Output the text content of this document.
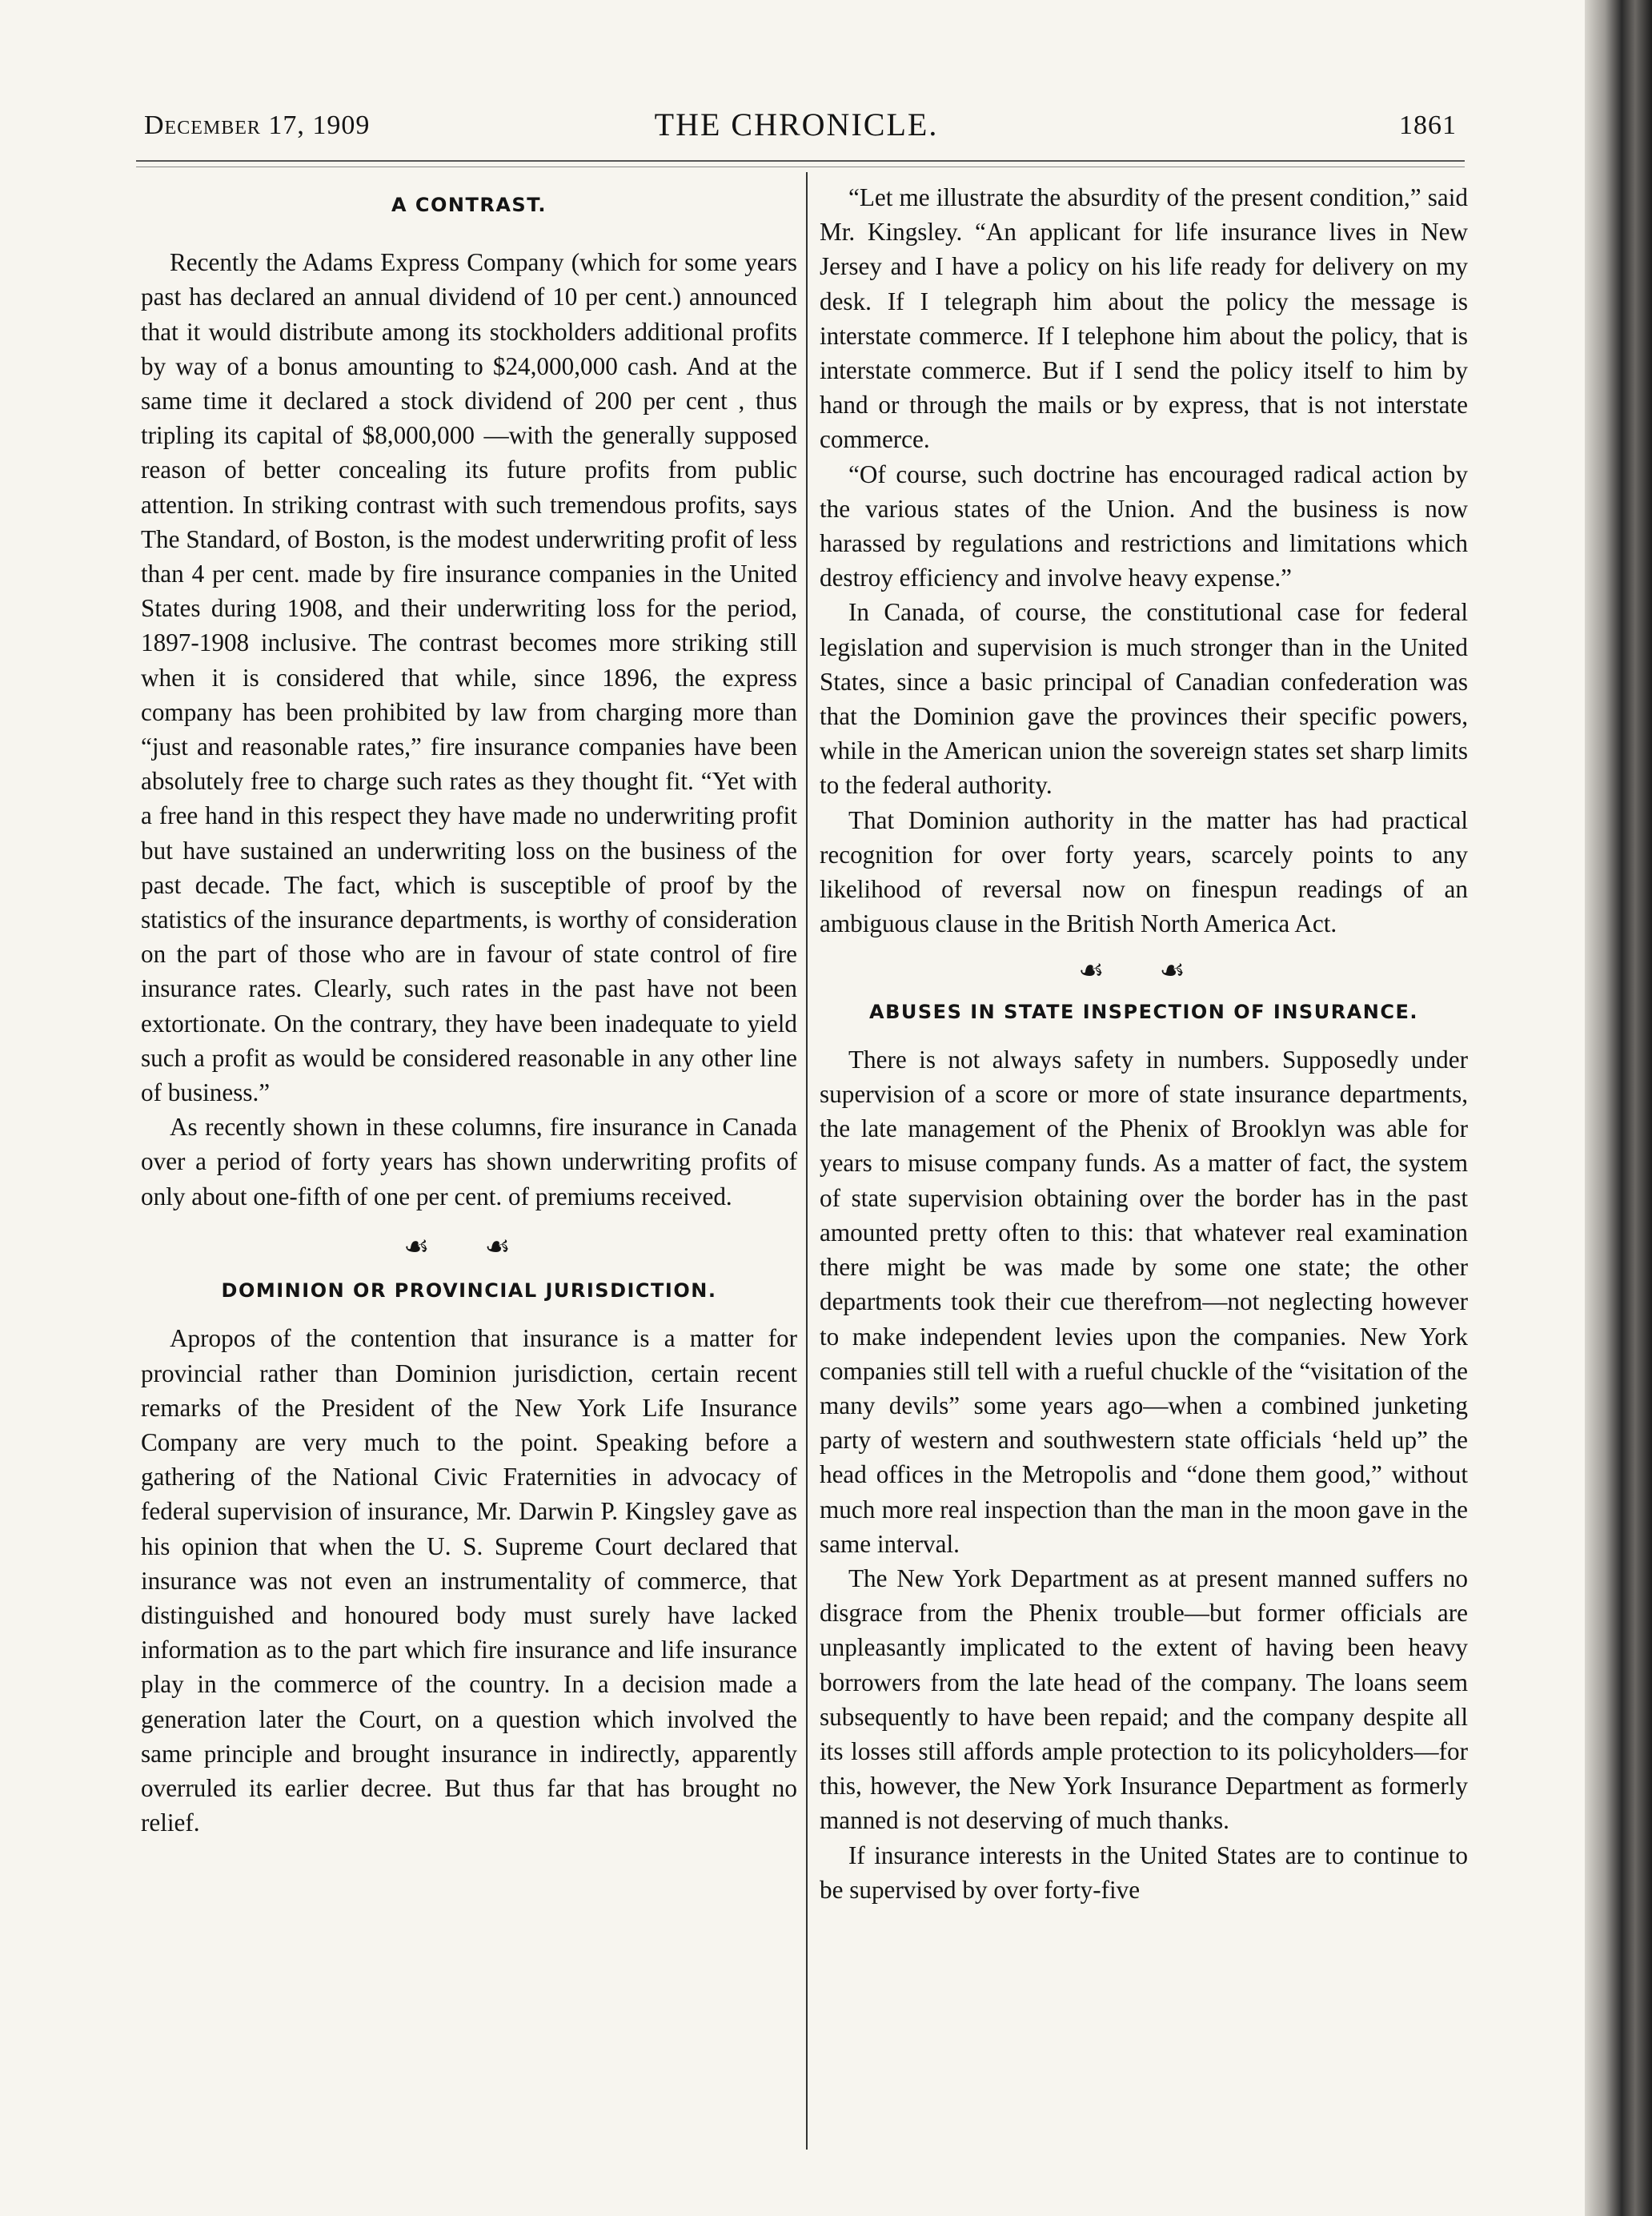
December 17, 1909	THE CHRONICLE.	1861
A CONTRAST.

Recently the Adams Express Company (which for some years past has declared an annual dividend of 10 per cent.) announced that it would distribute among its stockholders additional profits by way of a bonus amounting to $24,000,000 cash. And at the same time it declared a stock dividend of 200 per cent , thus tripling its capital of $8,000,000 —with the generally supposed reason of better concealing its future profits from public attention. In striking contrast with such tremendous profits, says The Standard, of Boston, is the modest underwriting profit of less than 4 per cent. made by fire insurance companies in the United States during 1908, and their underwriting loss for the period, 1897-1908 inclusive. The contrast becomes more striking still when it is considered that while, since 1896, the express company has been prohibited by law from charging more than “just and reasonable rates,” fire insurance companies have been absolutely free to charge such rates as they thought fit. “Yet with a free hand in this respect they have made no underwriting profit but have sustained an underwriting loss on the business of the past decade. The fact, which is susceptible of proof by the statistics of the insurance departments, is worthy of consideration on the part of those who are in favour of state control of fire insurance rates. Clearly, such rates in the past have not been extortionate. On the contrary, they have been inadequate to yield such a profit as would be considered reasonable in any other line of business.”

As recently shown in these columns, fire insurance in Canada over a period of forty years has shown underwriting profits of only about one-fifth of one per cent. of premiums received.

☙ ☙
DOMINION OR PROVINCIAL JURISDICTION.

Apropos of the contention that insurance is a matter for provincial rather than Dominion jurisdiction, certain recent remarks of the President of the New York Life Insurance Company are very much to the point. Speaking before a gathering of the National Civic Fraternities in advocacy of federal supervision of insurance, Mr. Darwin P. Kingsley gave as his opinion that when the U. S. Supreme Court declared that insurance was not even an instrumentality of commerce, that distinguished and honoured body must surely have lacked information as to the part which fire insurance and life insurance play in the commerce of the country. In a decision made a generation later the Court, on a question which involved the same principle and brought insurance in indirectly, apparently overruled its earlier decree. But thus far that has brought no relief.

“Let me illustrate the absurdity of the present condition,” said Mr. Kingsley. “An applicant for life insurance lives in New Jersey and I have a policy on his life ready for delivery on my desk. If I telegraph him about the policy the message is interstate commerce. If I telephone him about the policy, that is interstate commerce. But if I send the policy itself to him by hand or through the mails or by express, that is not interstate commerce.

“Of course, such doctrine has encouraged radical action by the various states of the Union. And the business is now harassed by regulations and restrictions and limitations which destroy efficiency and involve heavy expense.”

In Canada, of course, the constitutional case for federal legislation and supervision is much stronger than in the United States, since a basic principal of Canadian confederation was that the Dominion gave the provinces their specific powers, while in the American union the sovereign states set sharp limits to the federal authority.

That Dominion authority in the matter has had practical recognition for over forty years, scarcely points to any likelihood of reversal now on finespun readings of an ambiguous clause in the British North America Act.

☙ ☙
ABUSES IN STATE INSPECTION OF INSURANCE.

There is not always safety in numbers. Supposedly under supervision of a score or more of state insurance departments, the late management of the Phenix of Brooklyn was able for years to misuse company funds. As a matter of fact, the system of state supervision obtaining over the border has in the past amounted pretty often to this: that whatever real examination there might be was made by some one state; the other departments took their cue therefrom—not neglecting however to make independent levies upon the companies. New York companies still tell with a rueful chuckle of the “visitation of the many devils” some years ago—when a combined junketing party of western and southwestern state officials ‘held up” the head offices in the Metropolis and “done them good,” without much more real inspection than the man in the moon gave in the same interval.

The New York Department as at present manned suffers no disgrace from the Phenix trouble—but former officials are unpleasantly implicated to the extent of having been heavy borrowers from the late head of the company. The loans seem subsequently to have been repaid; and the company despite all its losses still affords ample protection to its policyholders—for this, however, the New York Insurance Department as formerly manned is not deserving of much thanks.

If insurance interests in the United States are to continue to be supervised by over forty-five
